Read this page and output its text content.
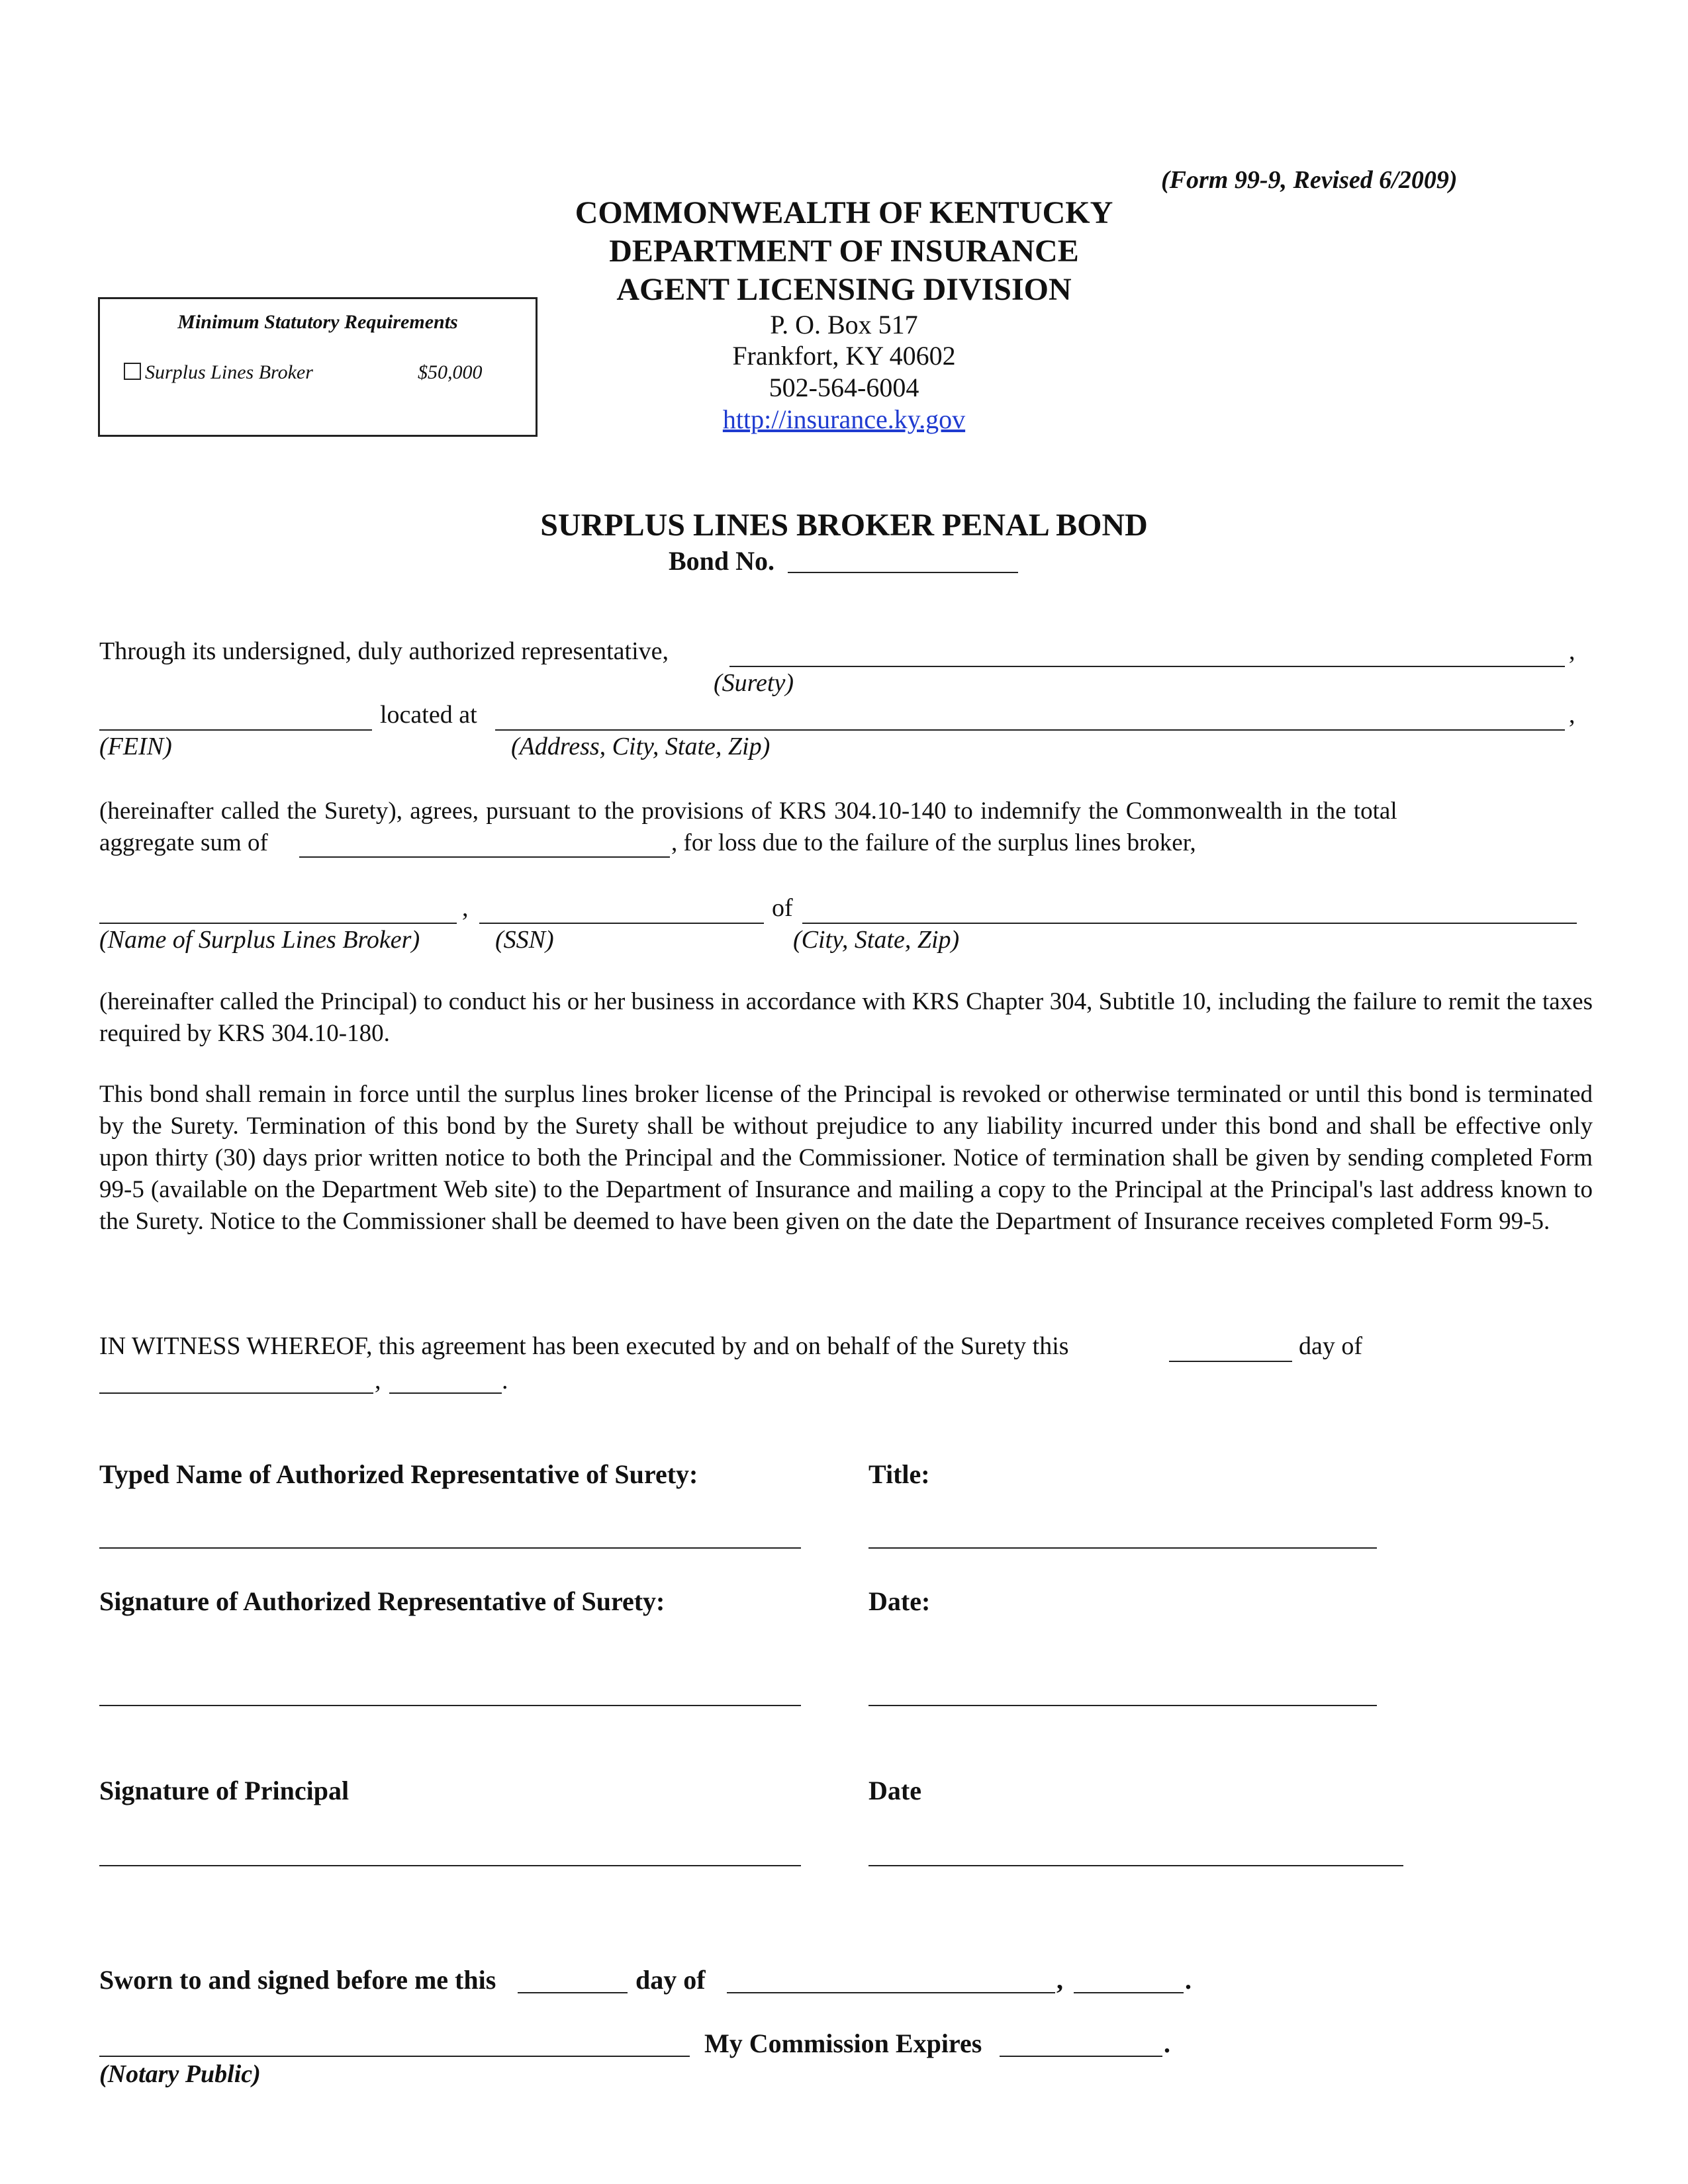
(Form 99-9, Revised 6/2009)
COMMONWEALTH OF KENTUCKY
DEPARTMENT OF INSURANCE
AGENT LICENSING DIVISION
P. O. Box 517
Frankfort, KY 40602
502-564-6004
http://insurance.ky.gov
Minimum Statutory Requirements
Surplus Lines Broker	$50,000
SURPLUS LINES BROKER PENAL BOND
Bond No.
Through its undersigned, duly authorized representative,	,
(Surety)
located at	,
(FEIN)	(Address, City, State, Zip)
(hereinafter called the Surety), agrees, pursuant to the provisions of KRS 304.10-140 to indemnify the Commonwealth in the total
aggregate sum of	, for loss due to the failure of the surplus lines broker,
,	of
(Name of Surplus Lines Broker)	(SSN)	(City, State, Zip)
(hereinafter called the Principal) to conduct his or her business in accordance with KRS Chapter 304, Subtitle 10, including the failure to remit the taxes required by KRS 304.10-180.
This bond shall remain in force until the surplus lines broker license of the Principal is revoked or otherwise terminated or until this bond is terminated by the Surety. Termination of this bond by the Surety shall be without prejudice to any liability incurred under this bond and shall be effective only upon thirty (30) days prior written notice to both the Principal and the Commissioner. Notice of termination shall be given by sending completed Form 99-5 (available on the Department Web site) to the Department of Insurance and mailing a copy to the Principal at the Principal's last address known to the Surety. Notice to the Commissioner shall be deemed to have been given on the date the Department of Insurance receives completed Form 99-5.
IN WITNESS WHEREOF, this agreement has been executed by and on behalf of the Surety this	day of
,	.
Typed Name of Authorized Representative of Surety:	Title:
Signature of Authorized Representative of Surety:	Date:
Signature of Principal	Date
Sworn to and signed before me this	day of	,	.
My Commission Expires	.
(Notary Public)
